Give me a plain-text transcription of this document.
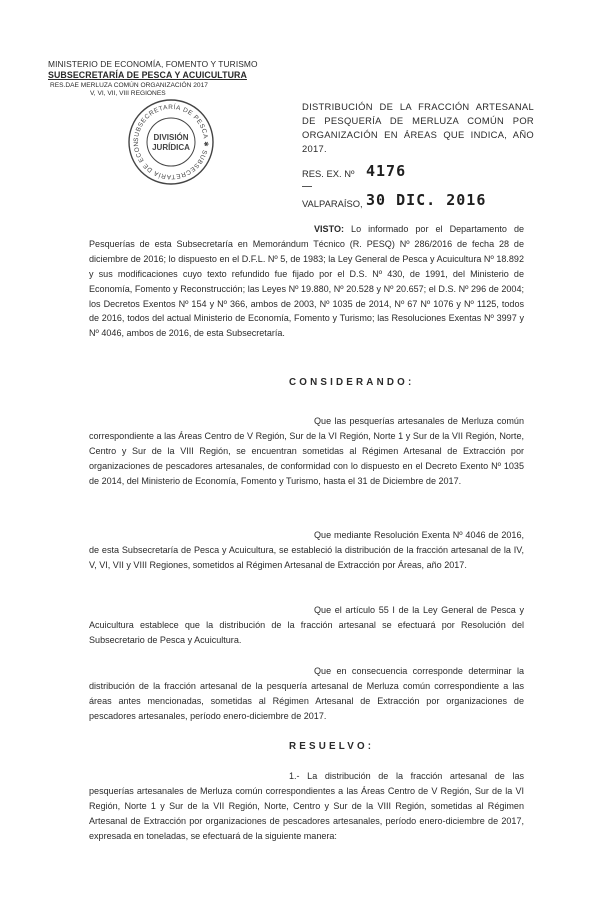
MINISTERIO DE ECONOMÍA, FOMENTO Y TURISMO
SUBSECRETARÍA DE PESCA Y ACUICULTURA
RES.DAE MERLUZA COMÚN ORGANIZACIÓN 2017
V, VI, VII, VIII REGIONES
SUBSECRETARÍA DE PESCA ✱ SUBSECRETARÍA DE ECON
DIVISIÓN
JURÍDICA
DISTRIBUCIÓN DE LA FRACCIÓN ARTESANAL DE PESQUERÍA DE MERLUZA COMÚN POR ORGANIZACIÓN EN ÁREAS QUE INDICA, AÑO 2017.
RES. EX. Nº 4176
VALPARAÍSO, 30 DIC. 2016
VISTO: Lo informado por el Departamento de Pesquerías de esta Subsecretaría en Memorándum Técnico (R. PESQ) Nº 286/2016 de fecha 28 de diciembre de 2016; lo dispuesto en el D.F.L. Nº 5, de 1983; la Ley General de Pesca y Acuicultura Nº 18.892 y sus modificaciones cuyo texto refundido fue fijado por el D.S. Nº 430, de 1991, del Ministerio de Economía, Fomento y Reconstrucción; las Leyes Nº 19.880, Nº 20.528 y Nº 20.657; el D.S. Nº 296 de 2004; los Decretos Exentos Nº 154 y Nº 366, ambos de 2003, Nº 1035 de 2014, Nº 67 Nº 1076 y Nº 1125, todos de 2016, todos del actual Ministerio de Economía, Fomento y Turismo; las Resoluciones Exentas Nº 3997 y Nº 4046, ambos de 2016, de esta Subsecretaría.
CONSIDERANDO:
Que las pesquerías artesanales de Merluza común correspondiente a las Áreas Centro de V Región, Sur de la VI Región, Norte 1 y Sur de la VII Región, Norte, Centro y Sur de la VIII Región, se encuentran sometidas al Régimen Artesanal de Extracción por organizaciones de pescadores artesanales, de conformidad con lo dispuesto en el Decreto Exento Nº 1035 de 2014, del Ministerio de Economía, Fomento y Turismo, hasta el 31 de Diciembre de 2017.
Que mediante Resolución Exenta Nº 4046 de 2016, de esta Subsecretaría de Pesca y Acuicultura, se estableció la distribución de la fracción artesanal de la IV, V, VI, VII y VIII Regiones, sometidos al Régimen Artesanal de Extracción por Áreas, año 2017.
Que el artículo 55 I de la Ley General de Pesca y Acuicultura establece que la distribución de la fracción artesanal se efectuará por Resolución del Subsecretario de Pesca y Acuicultura.
Que en consecuencia corresponde determinar la distribución de la fracción artesanal de la pesquería artesanal de Merluza común correspondiente a las áreas antes mencionadas, sometidas al Régimen Artesanal de Extracción por organizaciones de pescadores artesanales, período enero-diciembre de 2017.
RESUELVO:
1.- La distribución de la fracción artesanal de las pesquerías artesanales de Merluza común correspondientes a las Áreas Centro de V Región, Sur de la VI Región, Norte 1 y Sur de la VII Región, Norte, Centro y Sur de la VIII Región, sometidas al Régimen Artesanal de Extracción por organizaciones de pescadores artesanales, período enero-diciembre de 2017, expresada en toneladas, se efectuará de la siguiente manera:
